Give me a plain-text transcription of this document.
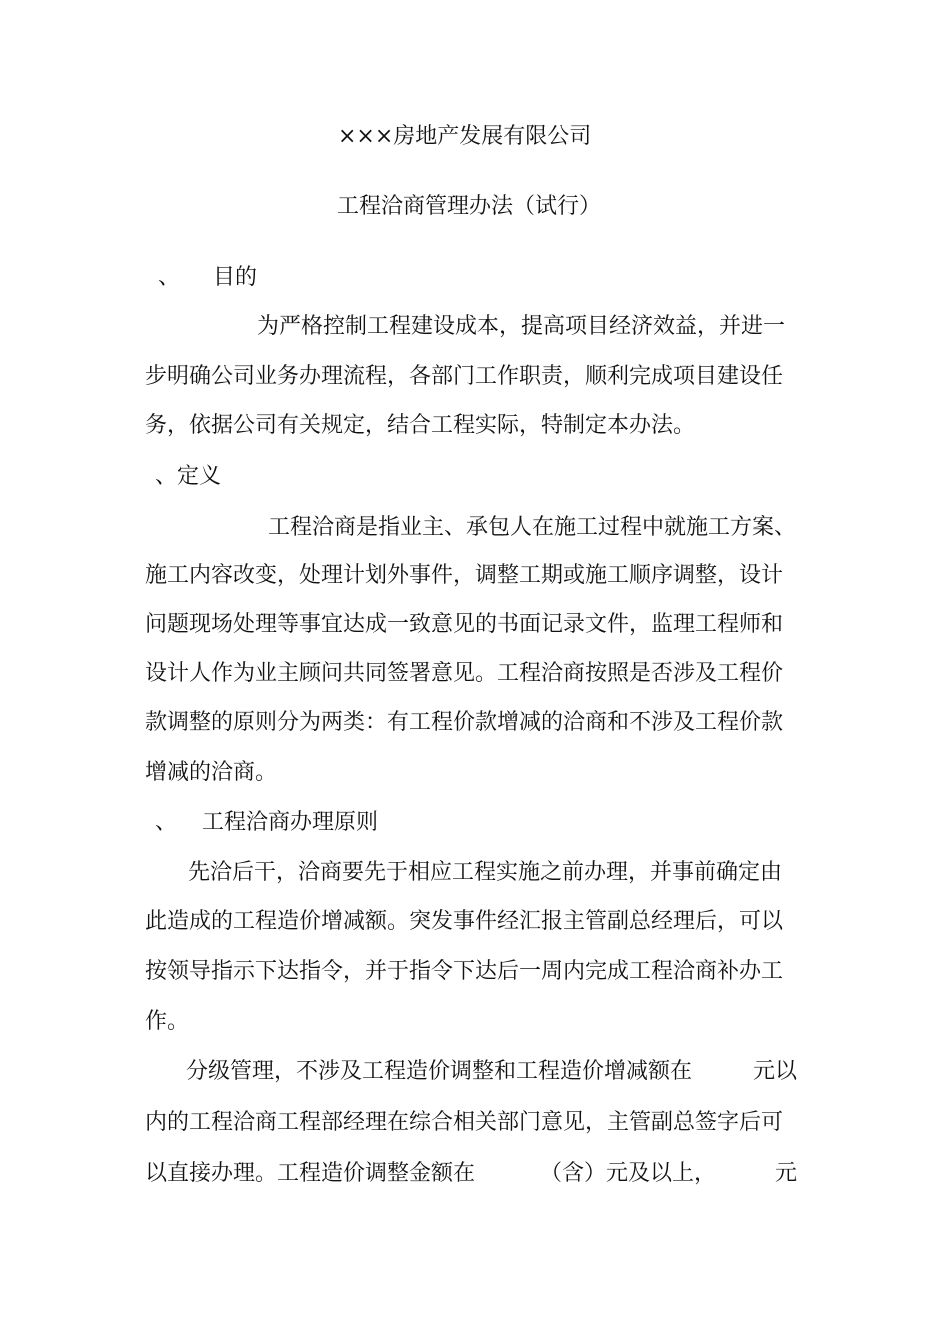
×××房地产发展有限公司
工程洽商管理办法（试行）
、 目的
为严格控制工程建设成本，提高项目经济效益，并进一
步明确公司业务办理流程，各部门工作职责，顺利完成项目建设任
务，依据公司有关规定，结合工程实际，特制定本办法。
、定义
工程洽商是指业主、承包人在施工过程中就施工方案、
施工内容改变，处理计划外事件，调整工期或施工顺序调整，设计
问题现场处理等事宜达成一致意见的书面记录文件，监理工程师和
设计人作为业主顾问共同签署意见。工程洽商按照是否涉及工程价
款调整的原则分为两类：有工程价款增减的洽商和不涉及工程价款
增减的洽商。
、 工程洽商办理原则
先洽后干，洽商要先于相应工程实施之前办理，并事前确定由
此造成的工程造价增减额。突发事件经汇报主管副总经理后，可以
按领导指示下达指令，并于指令下达后一周内完成工程洽商补办工
作。
分级管理，不涉及工程造价调整和工程造价增减额在	元以
内的工程洽商工程部经理在综合相关部门意见，主管副总签字后可
以直接办理。工程造价调整金额在	（含）元及以上，	元
